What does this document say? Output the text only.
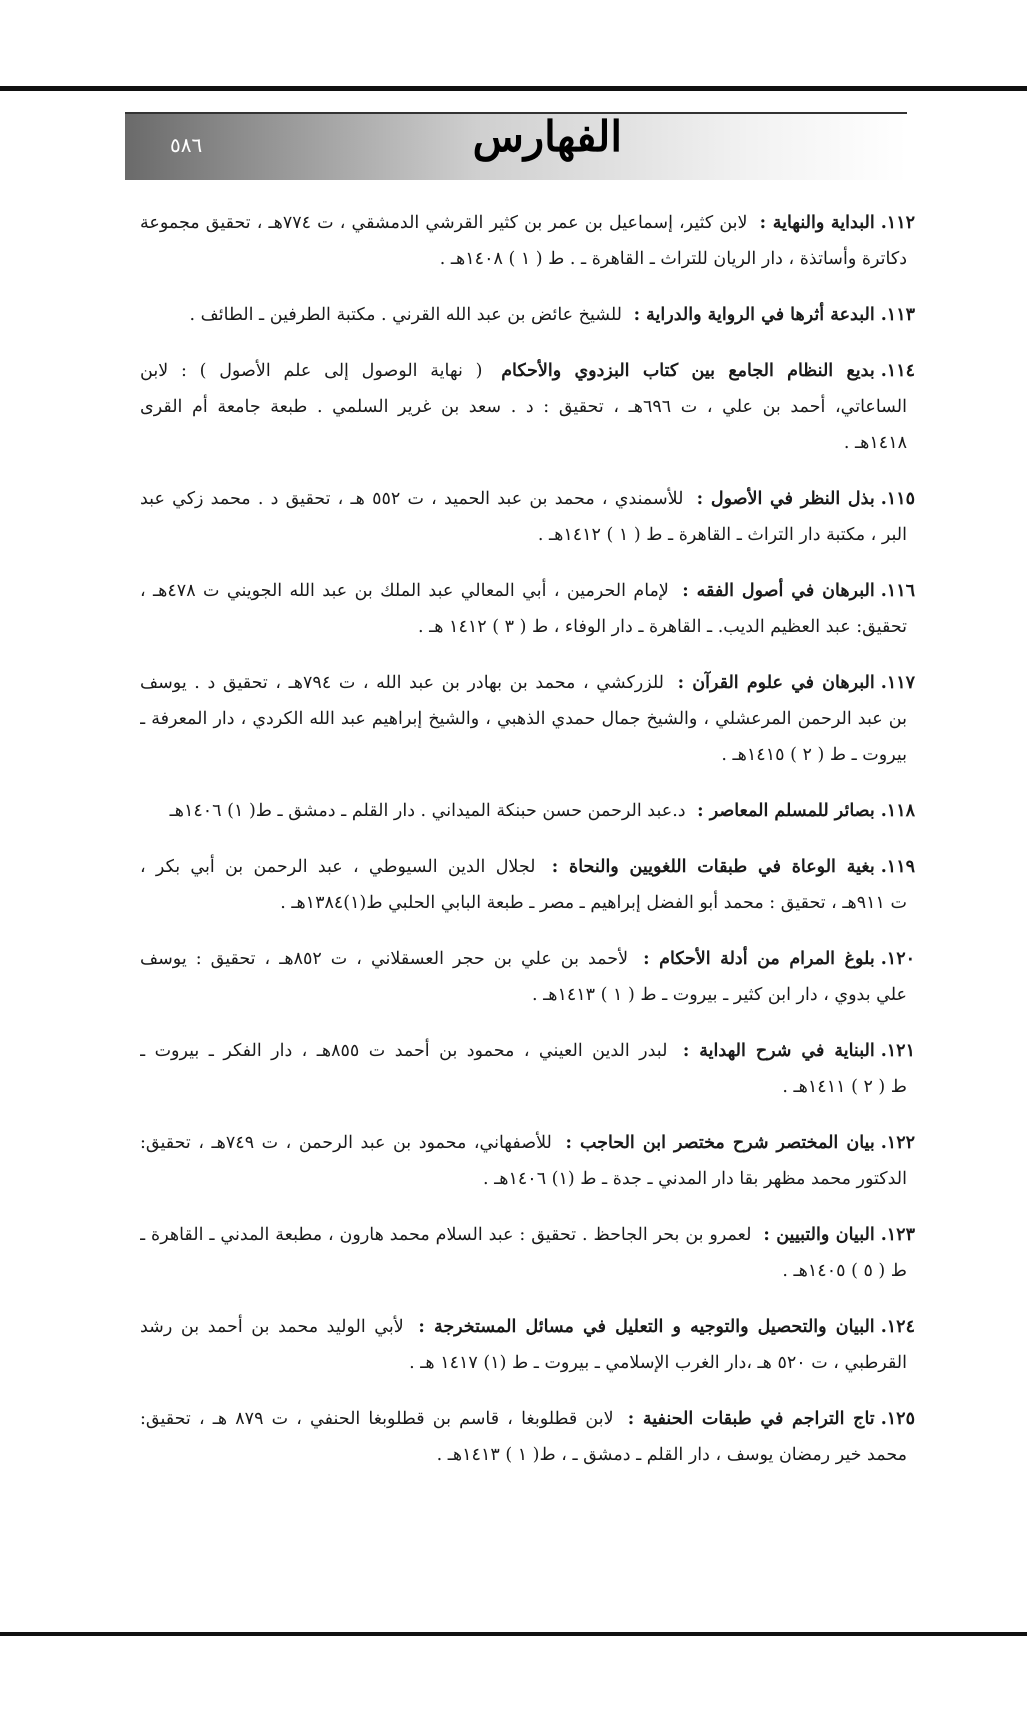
الفهارس
٥٨٦
١١٢.البداية والنهاية : لابن كثير، إسماعيل بن عمر بن كثير القرشي الدمشقي ، ت ٧٧٤هـ ، تحقيق مجموعة
دكاترة وأساتذة ، دار الريان للتراث ـ القاهرة ـ . ط ( ١ ) ١٤٠٨هـ .
١١٣.البدعة أثرها في الرواية والدراية : للشيخ عائض بن عبد الله القرني . مكتبة الطرفين ـ الطائف .
١١٤.بديع النظام الجامع بين كتاب البزدوي والأحكام ( نهاية الوصول إلى علم الأصول ) : لابن
الساعاتي، أحمد بن علي ، ت ٦٩٦هـ ، تحقيق : د . سعد بن غرير السلمي . طبعة جامعة أم القرى
١٤١٨هـ .
١١٥.بذل النظر في الأصول : للأسمندي ، محمد بن عبد الحميد ، ت ٥٥٢ هـ ، تحقيق د . محمد زكي عبد
البر ، مكتبة دار التراث ـ القاهرة ـ ط ( ١ ) ١٤١٢هـ .
١١٦.البرهان في أصول الفقه : لإمام الحرمين ، أبي المعالي عبد الملك بن عبد الله الجويني ت ٤٧٨هـ ،
تحقيق: عبد العظيم الديب. ـ القاهرة ـ دار الوفاء ، ط ( ٣ ) ١٤١٢ هـ .
١١٧.البرهان في علوم القرآن : للزركشي ، محمد بن بهادر بن عبد الله ، ت ٧٩٤هـ ، تحقيق د . يوسف
بن عبد الرحمن المرعشلي ، والشيخ جمال حمدي الذهبي ، والشيخ إبراهيم عبد الله الكردي ، دار المعرفة ـ
بيروت ـ ط ( ٢ ) ١٤١٥هـ .
١١٨.بصائر للمسلم المعاصر : د.عبد الرحمن حسن حبنكة الميداني . دار القلم ـ دمشق ـ ط( ١) ١٤٠٦هـ
١١٩.بغية الوعاة في طبقات اللغويين والنحاة : لجلال الدين السيوطي ، عبد الرحمن بن أبي بكر ،
ت ٩١١هـ ، تحقيق : محمد أبو الفضل إبراهيم ـ مصر ـ طبعة البابي الحلبي ط(١)١٣٨٤هـ .
١٢٠.بلوغ المرام من أدلة الأحكام : لأحمد بن علي بن حجر العسقلاني ، ت ٨٥٢هـ ، تحقيق : يوسف
علي بدوي ، دار ابن كثير ـ بيروت ـ ط ( ١ ) ١٤١٣هـ .
١٢١.البناية في شرح الهداية : لبدر الدين العيني ، محمود بن أحمد ت ٨٥٥هـ ، دار الفكر ـ بيروت ـ
ط ( ٢ ) ١٤١١هـ .
١٢٢.بيان المختصر شرح مختصر ابن الحاجب : للأصفهاني، محمود بن عبد الرحمن ، ت ٧٤٩هـ ، تحقيق:
الدكتور محمد مظهر بقا دار المدني ـ جدة ـ ط (١) ١٤٠٦هـ .
١٢٣.البيان والتبيين : لعمرو بن بحر الجاحظ . تحقيق : عبد السلام محمد هارون ، مطبعة المدني ـ القاهرة ـ
ط ( ٥ ) ١٤٠٥هـ .
١٢٤.البيان والتحصيل والتوجيه و التعليل في مسائل المستخرجة : لأبي الوليد محمد بن أحمد بن رشد
القرطبي ، ت ٥٢٠ هـ ،دار الغرب الإسلامي ـ بيروت ـ ط (١) ١٤١٧ هـ .
١٢٥.تاج التراجم في طبقات الحنفية : لابن قطلوبغا ، قاسم بن قطلوبغا الحنفي ، ت ٨٧٩ هـ ، تحقيق:
محمد خير رمضان يوسف ، دار القلم ـ دمشق ـ ، ط( ١ ) ١٤١٣هـ .
